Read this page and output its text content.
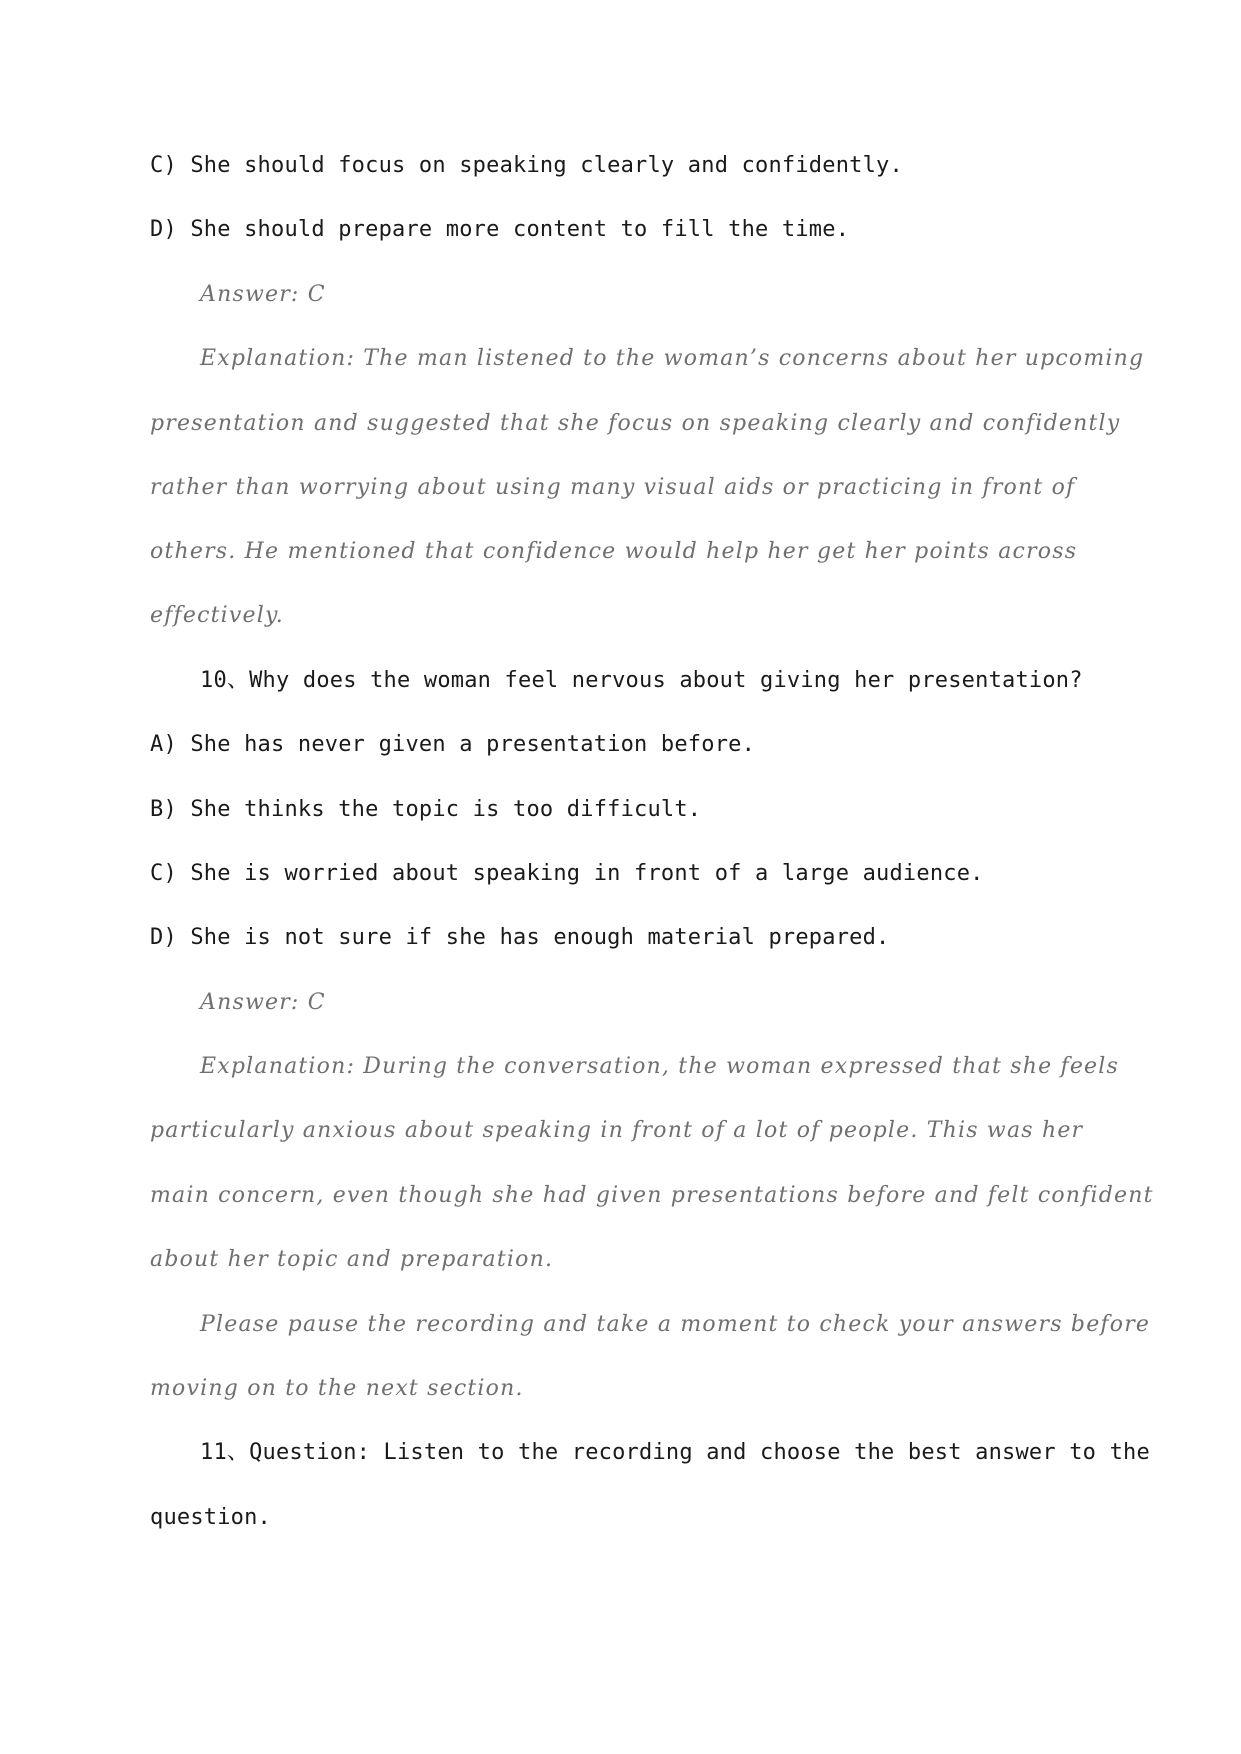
C) She should focus on speaking clearly and confidently.
D) She should prepare more content to fill the time.
Answer: C
Explanation: The man listened to the woman’s concerns about her upcoming
presentation and suggested that she focus on speaking clearly and confidently
rather than worrying about using many visual aids or practicing in front of
others. He mentioned that confidence would help her get her points across
effectively.
10、Why does the woman feel nervous about giving her presentation?
A) She has never given a presentation before.
B) She thinks the topic is too difficult.
C) She is worried about speaking in front of a large audience.
D) She is not sure if she has enough material prepared.
Answer: C
Explanation: During the conversation, the woman expressed that she feels
particularly anxious about speaking in front of a lot of people. This was her
main concern, even though she had given presentations before and felt confident
about her topic and preparation.
Please pause the recording and take a moment to check your answers before
moving on to the next section.
11、Question: Listen to the recording and choose the best answer to the
question.
